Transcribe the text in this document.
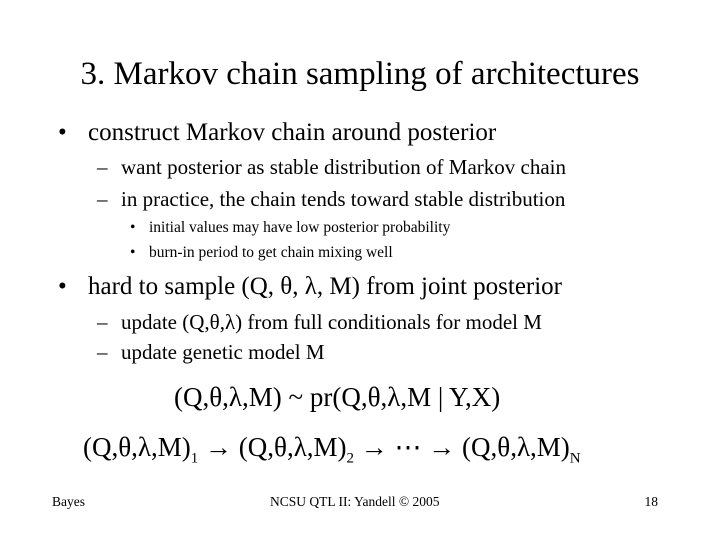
3. Markov chain sampling of architectures
• construct Markov chain around posterior
– want posterior as stable distribution of Markov chain
– in practice, the chain tends toward stable distribution
• initial values may have low posterior probability
• burn-in period to get chain mixing well
• hard to sample (Q, θ, λ, M) from joint posterior
– update (Q,θ,λ) from full conditionals for model M
– update genetic model M
(Q,θ,λ,M) ~ pr(Q,θ,λ,M | Y,X)
$(Q,\theta,\lambda,M)_1 \to (Q,\theta,\lambda,M)_2$ → ⋯ → $(Q,\theta,\lambda,M)_N$
Bayes	NCSU QTL II: Yandell © 2005	18
